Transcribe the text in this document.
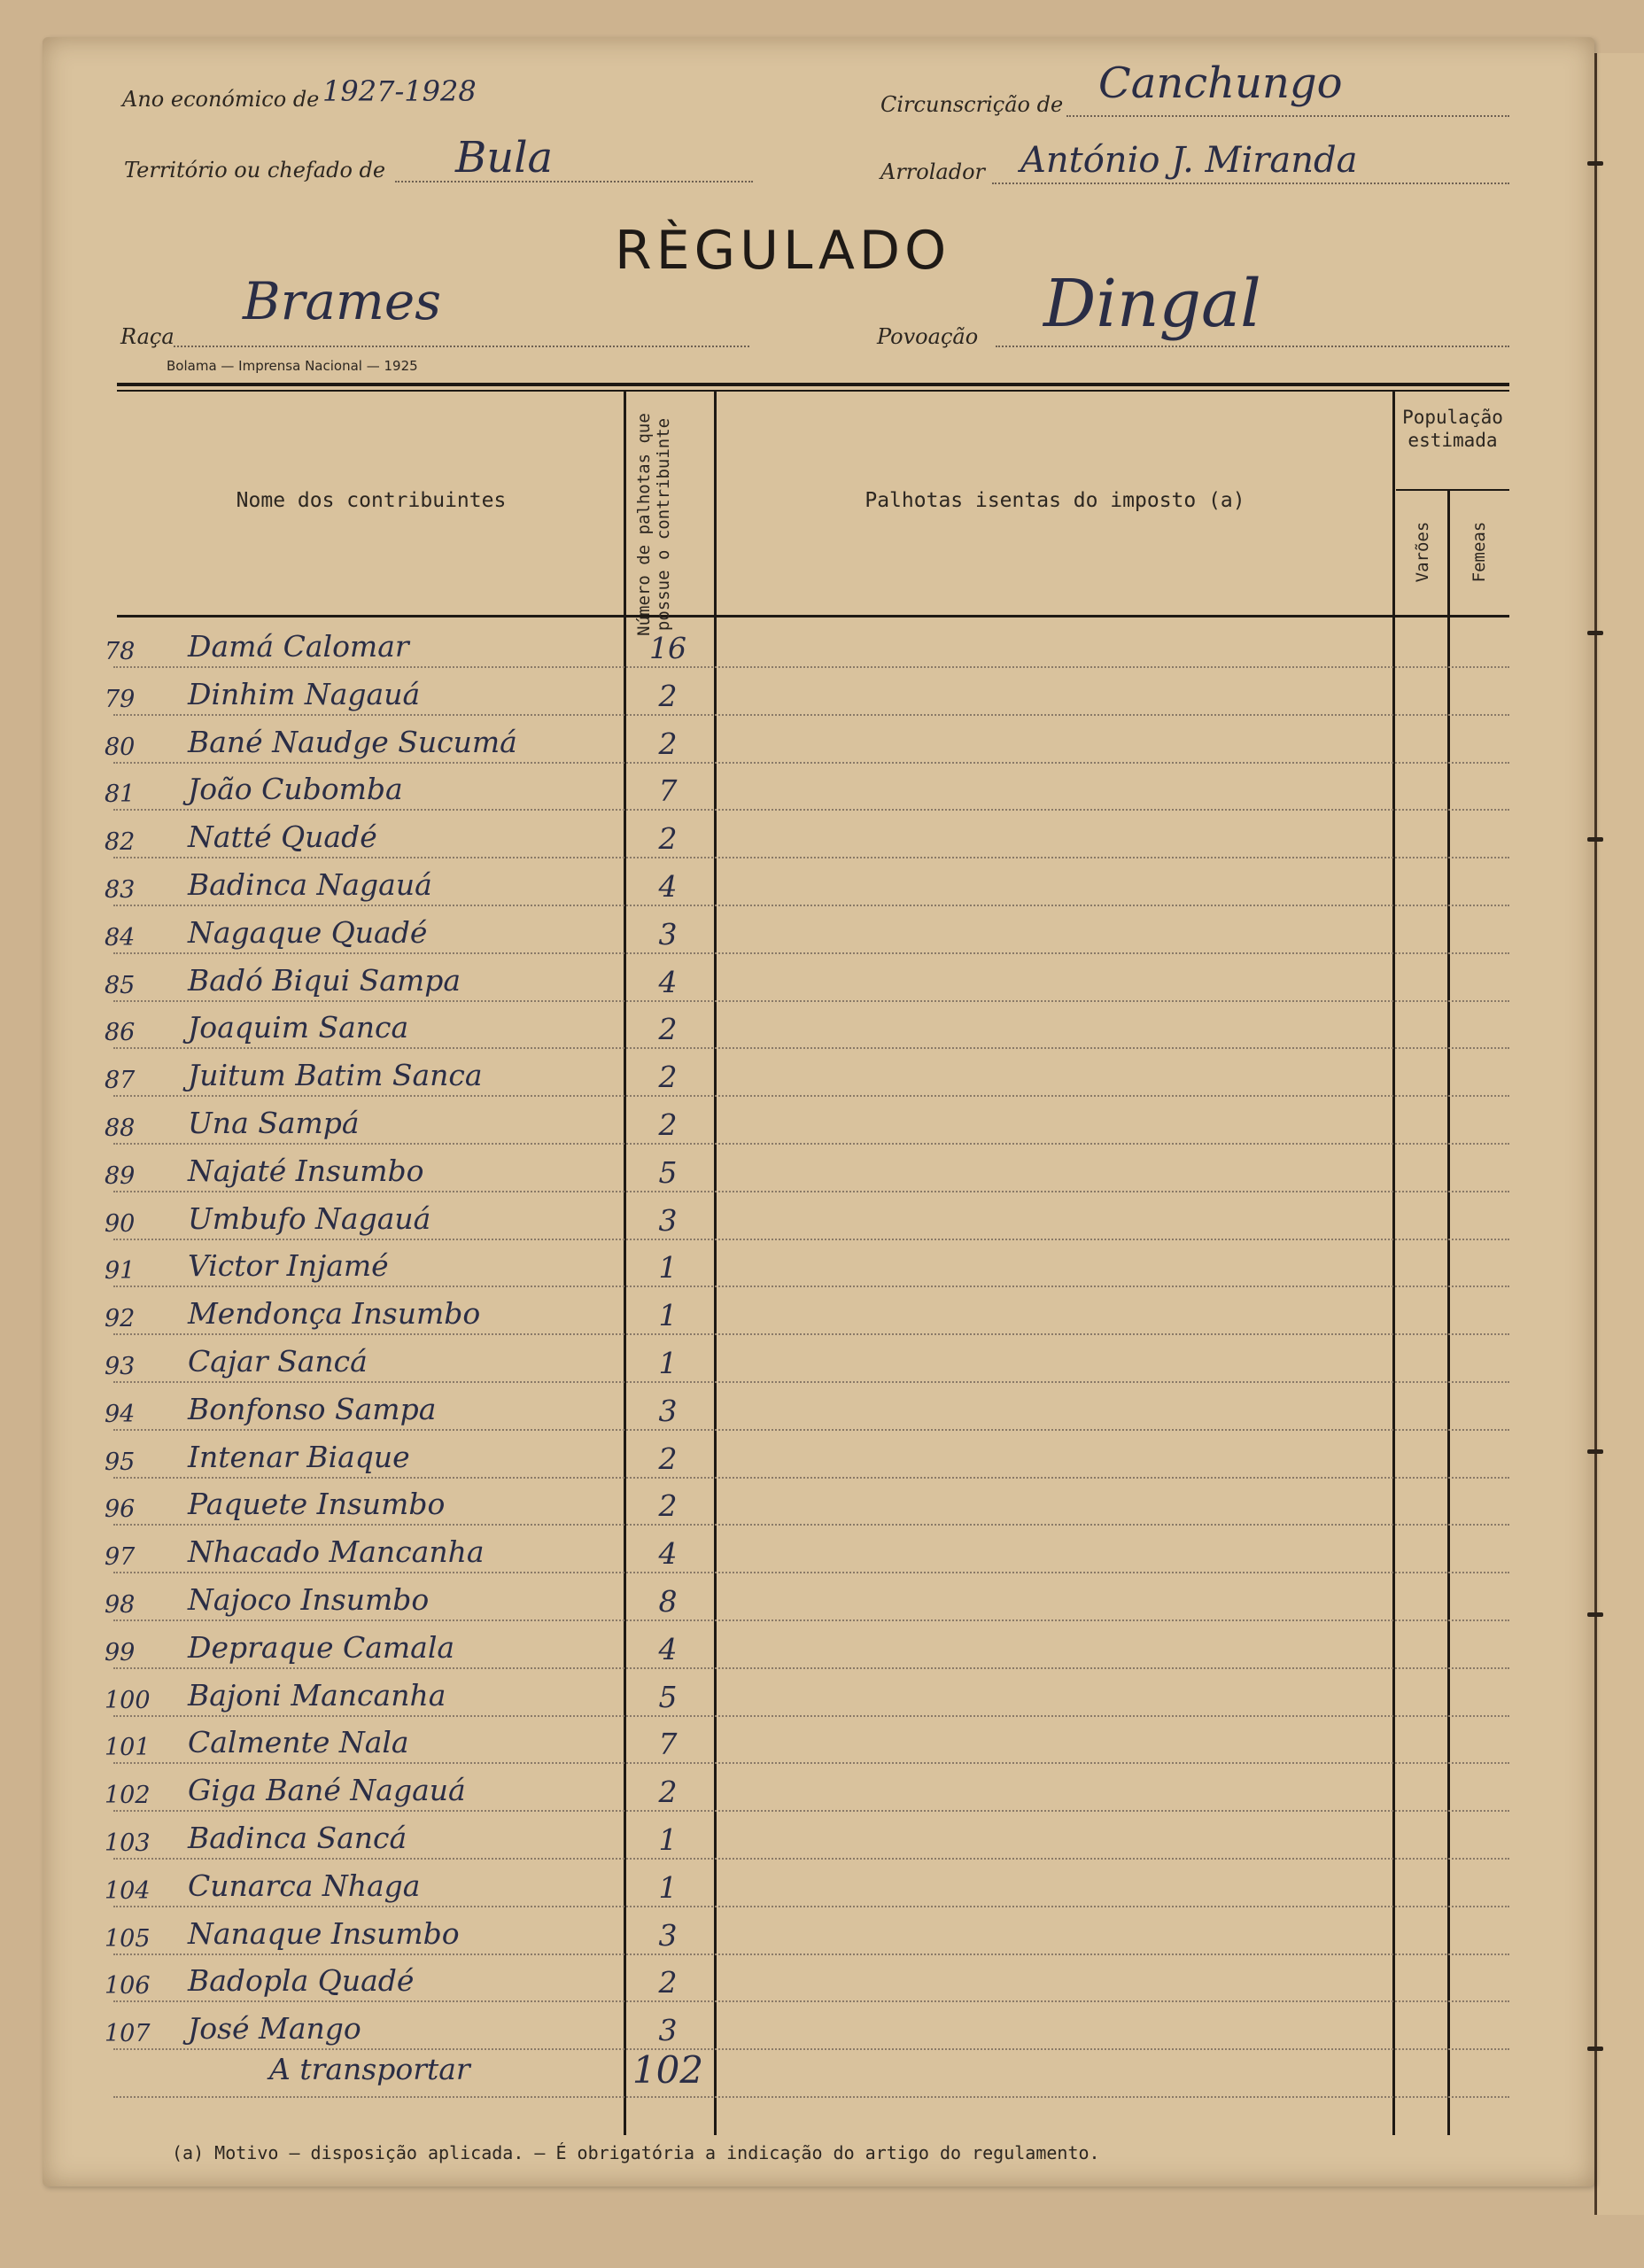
Ano económico de 1927-1928
Território ou chefado de Bula
Circunscrição de Canchungo
Arrolador António J. Miranda
RÈGULADO
Raça
Brames
Povoação Dingal
Bolama — Imprensa Nacional — 1925
Nome dos contribuintes	Número de palhotas que possue o contribuinte	Palhotas isentas do imposto (a)
População estimada
Varões Femeas
78	Damá Calomar	16
79	Dinhim Nagauá	2
80	Bané Naudge Sucumá	2
81	João Cubomba	7
82	Natté Quadé	2
83	Badinca Nagauá	4
84	Nagaque Quadé	3
85	Badó Biqui Sampa	4
86	Joaquim Sanca	2
87	Juitum Batim Sanca	2
88	Una Sampá	2
89	Najaté Insumbo	5
90	Umbufo Nagauá	3
91	Victor Injamé	1
92	Mendonça Insumbo	1
93	Cajar Sancá	1
94	Bonfonso Sampa	3
95	Intenar Biaque	2
96	Paquete Insumbo	2
97	Nhacado Mancanha	4
98	Najoco Insumbo	8
99	Depraque Camala	4
100	Bajoni Mancanha	5
101	Calmente Nala	7
102	Giga Bané Nagauá	2
103	Badinca Sancá	1
104	Cunarca Nhaga	1
105	Nanaque Insumbo	3
106	Badopla Quadé	2
107	José Mango	3
A transportar	102
(a) Motivo — disposição aplicada. — É obrigatória a indicação do artigo do regulamento.
